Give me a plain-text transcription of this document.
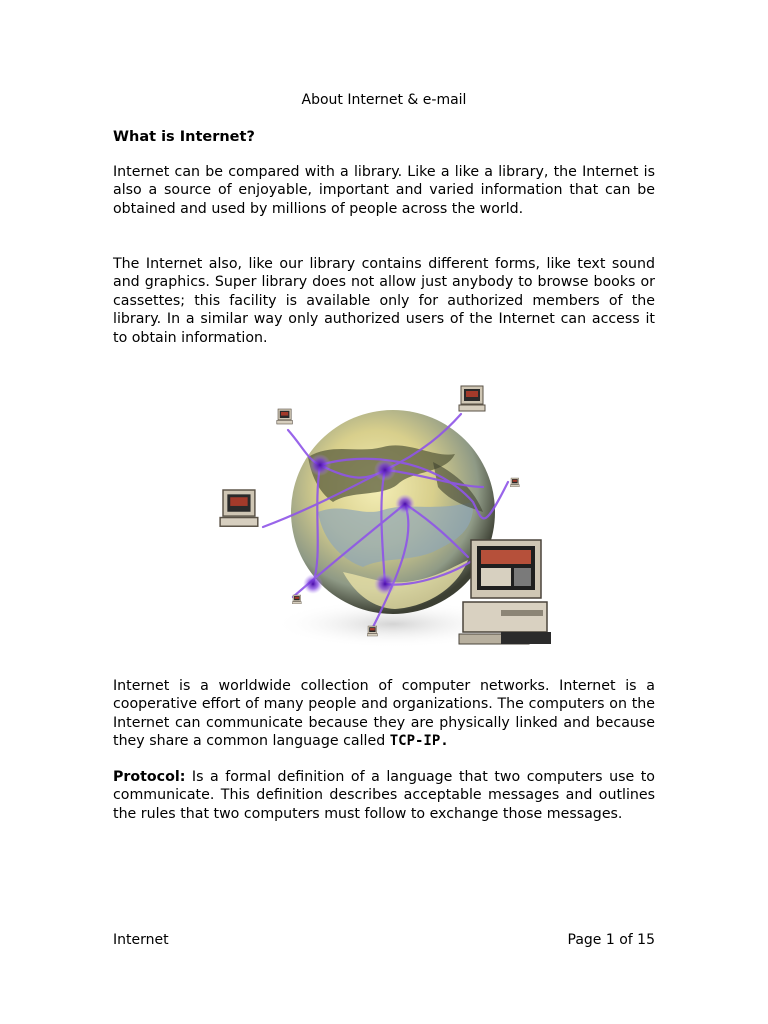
About Internet & e-mail
What is Internet?

Internet can be compared with a library. Like a like a library, the Internet is also a source of enjoyable, important and varied information that can be obtained and used by millions of people across the world.

The Internet also, like our library contains different forms, like text sound and graphics. Super library does not allow just anybody to browse books or cassettes; this facility is available only for authorized members of the library. In a similar way only authorized users of the Internet can access it to obtain information.

Internet is a worldwide collection of computer networks. Internet is a cooperative effort of many people and organizations. The computers on the Internet can communicate because they are physically linked and because they share a common language called TCP-IP.

Protocol: Is a formal definition of a language that two computers use to communicate. This definition describes acceptable messages and outlines the rules that two computers must follow to exchange those messages.

Internet	Page 1 of 15
